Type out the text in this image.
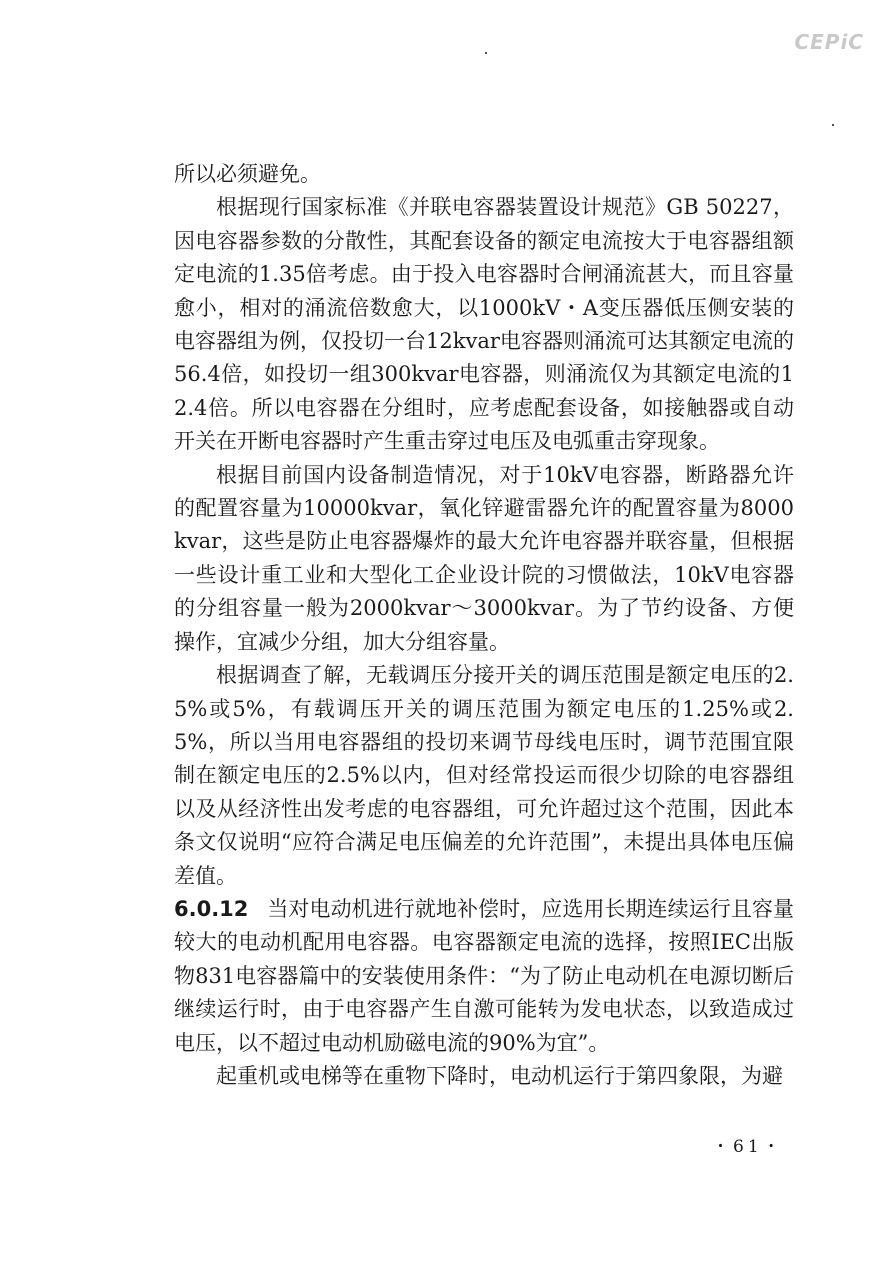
CEPiC

所以必须避免。

根据现行国家标准《并联电容器装置设计规范》GB 50227，因电容器参数的分散性，其配套设备的额定电流按大于电容器组额定电流的1.35倍考虑。由于投入电容器时合闸涌流甚大，而且容量愈小，相对的涌流倍数愈大，以1000kV・A变压器低压侧安装的电容器组为例，仅投切一台12kvar电容器则涌流可达其额定电流的56.4倍，如投切一组300kvar电容器，则涌流仅为其额定电流的12.4倍。所以电容器在分组时，应考虑配套设备，如接触器或自动开关在开断电容器时产生重击穿过电压及电弧重击穿现象。

根据目前国内设备制造情况，对于10kV电容器，断路器允许的配置容量为10000kvar，氧化锌避雷器允许的配置容量为8000kvar，这些是防止电容器爆炸的最大允许电容器并联容量，但根据一些设计重工业和大型化工企业设计院的习惯做法，10kV电容器的分组容量一般为2000kvar～3000kvar。为了节约设备、方便操作，宜减少分组，加大分组容量。

根据调查了解，无载调压分接开关的调压范围是额定电压的2.5%或5%，有载调压开关的调压范围为额定电压的1.25%或2.5%，所以当用电容器组的投切来调节母线电压时，调节范围宜限制在额定电压的2.5%以内，但对经常投运而很少切除的电容器组以及从经济性出发考虑的电容器组，可允许超过这个范围，因此本条文仅说明“应符合满足电压偏差的允许范围”，未提出具体电压偏差值。

6.0.12 当对电动机进行就地补偿时，应选用长期连续运行且容量较大的电动机配用电容器。电容器额定电流的选择，按照IEC出版物831电容器篇中的安装使用条件：“为了防止电动机在电源切断后继续运行时，由于电容器产生自激可能转为发电状态，以致造成过电压，以不超过电动机励磁电流的90%为宜”。

起重机或电梯等在重物下降时，电动机运行于第四象限，为避

・61・
